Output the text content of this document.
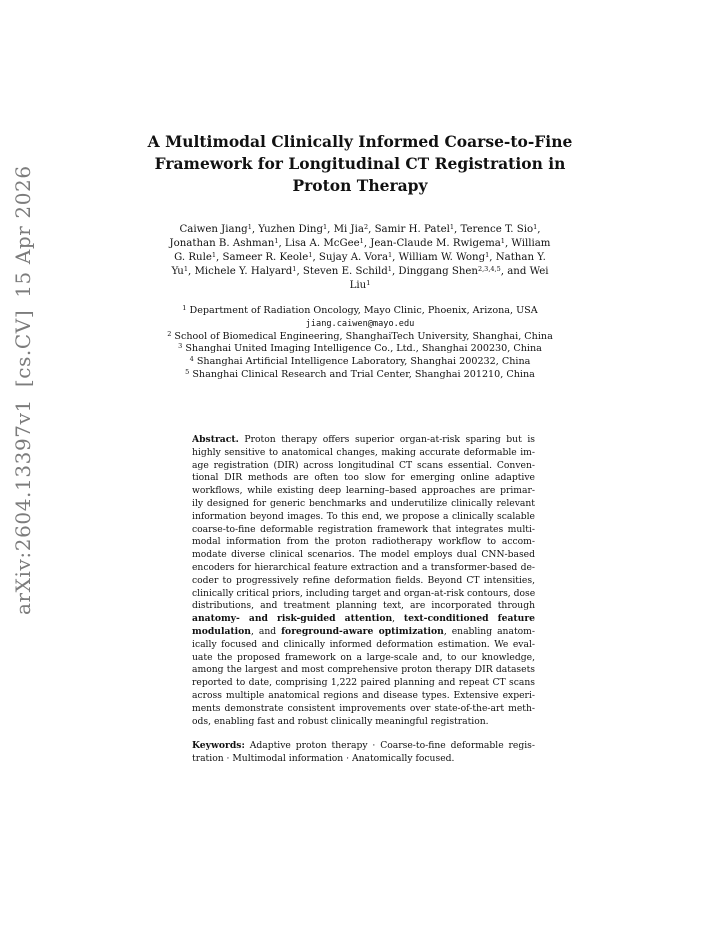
arXiv:2604.13397v1[cs.CV]15 Apr 2026
A Multimodal Clinically Informed Coarse-to-Fine
Framework for Longitudinal CT Registration in
Proton Therapy
Caiwen Jiang$^1$, Yuzhen Ding$^1$, Mi Jia$^2$, Samir H. Patel$^1$, Terence T. Sio$^1$,
Jonathan B. Ashman$^1$, Lisa A. McGee$^1$, Jean-Claude M. Rwigema$^1$, William
G. Rule$^1$, Sameer R. Keole$^1$, Sujay A. Vora$^1$, William W. Wong$^1$, Nathan Y.
Yu$^1$, Michele Y. Halyard$^1$, Steven E. Schild$^1$, Dinggang Shen$^{2,3,4,5}$, and Wei
Liu$^1$
$^1$ Department of Radiation Oncology, Mayo Clinic, Phoenix, Arizona, USA
jiang.caiwen@mayo.edu
$^2$ School of Biomedical Engineering, ShanghaiTech University, Shanghai, China
$^3$ Shanghai United Imaging Intelligence Co., Ltd., Shanghai 200230, China
$^4$ Shanghai Artificial Intelligence Laboratory, Shanghai 200232, China
$^5$ Shanghai Clinical Research and Trial Center, Shanghai 201210, China
Abstract. Proton therapy offers superior organ-at-risk sparing but is
highly sensitive to anatomical changes, making accurate deformable im-
age registration (DIR) across longitudinal CT scans essential. Conven-
tional DIR methods are often too slow for emerging online adaptive
workflows, while existing deep learning–based approaches are primar-
ily designed for generic benchmarks and underutilize clinically relevant
information beyond images. To this end, we propose a clinically scalable
coarse-to-fine deformable registration framework that integrates multi-
modal information from the proton radiotherapy workflow to accom-
modate diverse clinical scenarios. The model employs dual CNN-based
encoders for hierarchical feature extraction and a transformer-based de-
coder to progressively refine deformation fields. Beyond CT intensities,
clinically critical priors, including target and organ-at-risk contours, dose
distributions, and treatment planning text, are incorporated through
anatomy- and risk-guided attention, text-conditioned feature
modulation, and foreground-aware optimization, enabling anatom-
ically focused and clinically informed deformation estimation. We eval-
uate the proposed framework on a large-scale and, to our knowledge,
among the largest and most comprehensive proton therapy DIR datasets
reported to date, comprising 1,222 paired planning and repeat CT scans
across multiple anatomical regions and disease types. Extensive experi-
ments demonstrate consistent improvements over state-of-the-art meth-
ods, enabling fast and robust clinically meaningful registration.
Keywords: Adaptive proton therapy · Coarse-to-fine deformable regis-
tration · Multimodal information · Anatomically focused.
